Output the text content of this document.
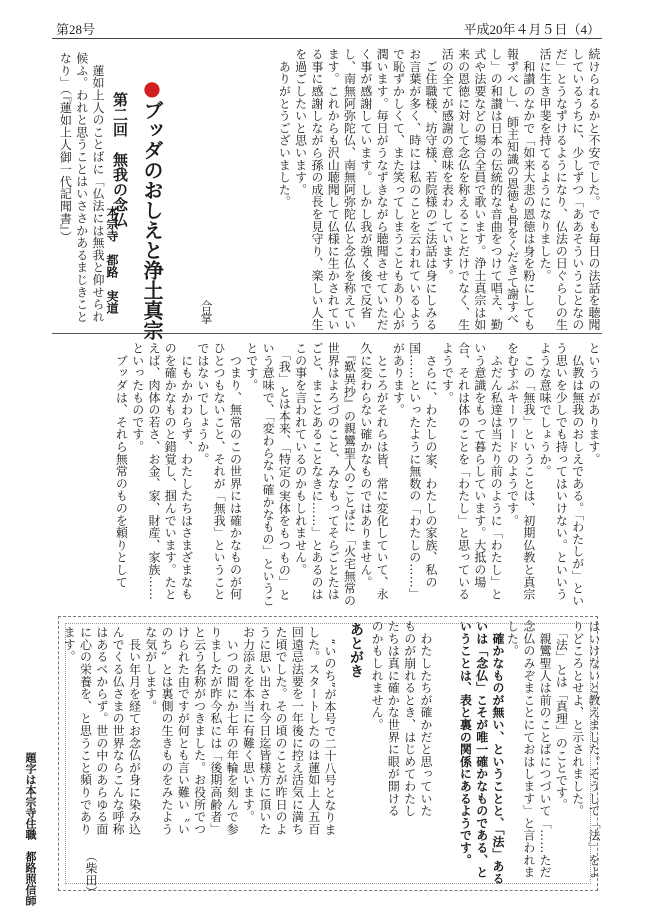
第28号	平成20年４月５日（4）
続けられるかと不安でした。でも毎日の法話を聴聞しているうちに、少しずつ「ああそういうことなのだ」とうなずけるようになり、仏法の日ぐらしの生活に生き甲斐を持てるようになりました。
　和讃のなかで「如来大悲の恩徳は身を粉にしても報ずべし」、師主知識の恩徳も骨をくだきて謝すべし」の和讃は日本の伝統的な音曲をつけて唱え、勤式や法要などの場合全員で歌います。浄土真宗は如来の恩徳に対して念仏を称えることだけでなく、生活の全てが感謝の意味を表わしています。
　ご住職様、坊守様、若院様のご法話は身にしみるお言葉が多く、時には私のことを云われているようで恥ずかしくて、また笑ってしまうこともあり心が潤います。毎日がうなずきながら聴聞させていただく事が感謝しています。しかし我が強く後で反省し、南無阿弥陀仏、南無阿弥陀仏と念仏を称えています。これからも沢山聴聞して仏様に生かされている事に感謝しながら孫の成長を見守り、楽しい人生を過ごしたいと思います。
　ありがとうございました。
●ブッダのおしえと浄土真宗
第二回　無我の念仏
本宗寺　都路　実道	合掌
　蓮如上人のことばに「仏法には無我と仰せられ候ふ。われと思うことはいささかあるまじきことなり」（『蓮如上人御一代記聞書』）
というのがあります。
　仏教は無我のおしえである。「わたしが」という思いを少しでも持ってはいけない。といいうような意味でしょうか。
　この「無我」ということは、初期仏教と真宗をむすぶキーワードのようです。
　ふだん私達は当たり前のように「わたし」という意識をもって暮らしています。大抵の場合、それは体のことを「わたし」と思っているようです。
　さらに、わたしの家、わたしの家族、私の国……といったように無数の「わたしの……」があります。
　ところがそれらは皆、常に変化していて、永久に変わらない確かなものではありません。
　『歎異抄』の親鸞聖人のことばに「火宅無常の世界はよろづのこと、みなもってそらごとたはごと、まことあることなきに……」とあるのはこの事を言われているのかもしれません。
　「我」とは本来、「特定の実体をもつもの」という意味で、「変わらない確かなもの」ということです。
　つまり、無常のこの世界には確かなものが何ひとつもないこと、それが「無我」ということではないでしょうか。
　にもかかわらず、わたしたちはさまざまなものを確かなものと錯覚し、掴んでいます。たとえば、肉体の若さ、お金、家、財産、家族……といったものです。
　ブッダは、それら無常のものを頼りとして
はいけないと教えました。そうして「法」をよりどころとせよ、と示されました。
　「法」とは「真理」のことです。
　親鸞聖人は前のことばにつづいて「……ただ念仏のみぞまことにておはします」と言われました。
　確かなものが無い、ということと、「法」あるいは「念仏」こそが唯一確かなものである、ということは、表と裏の関係にあるようです。
　わたしたちが確かだと思っていたものが崩れるとき、はじめてわたしたちは真に確かな世界に眼が開けるのかもしれません。
あとがき
　“いのち”が本号で二十八号となりました。スタートしたのは蓮如上人五百回遠忌法要を一年後に控え活気に満ちた頃でした。その頃のことが昨日のように思い出され今日迄皆様方に頂いたお力添えを本当に有難く思います。
　いつの間にか七年の年輪を刻んで参りましたが昨今私には「後期高齢者」と云う名称がつきました。お役所でつけられた由ですが何とも言い難い〝いのち〟とは裏側の生きものをみたような気がします。
　長い年月を経てお念仏が身に染み込んでくる仏さまの世界ならこんな呼称はあるべからず。世の中のあらゆる面に心の栄養を、と思うこと頻りであります。
（柴田）
題字は本宗寺住職　都路照信師
